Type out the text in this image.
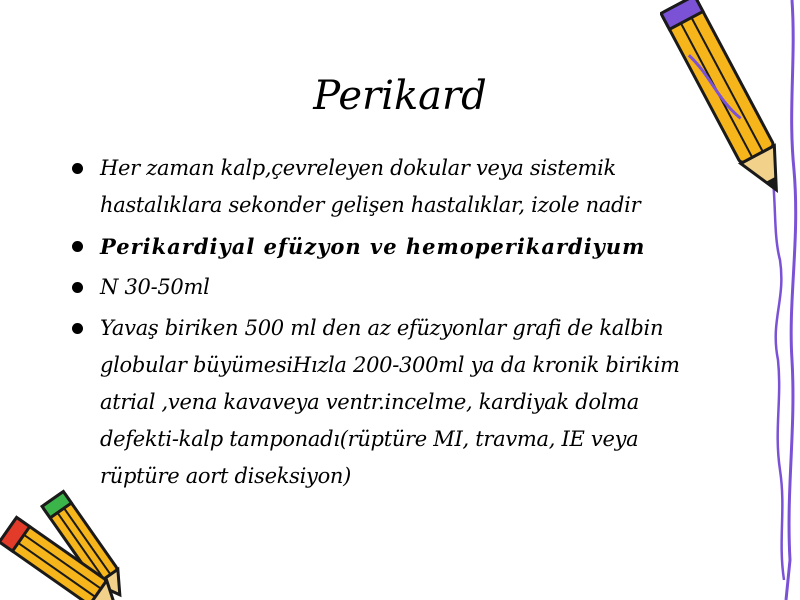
Perikard
Her zaman kalp,çevreleyen dokular veya sistemik
hastalıklara sekonder gelişen hastalıklar, izole nadir
Perikardiyal efüzyon ve hemoperikardiyum
N 30-50ml
Yavaş biriken 500 ml den az efüzyonlar grafi de kalbin
globular büyümesiHızla 200-300ml ya da kronik birikim
atrial ,vena kavaveya ventr.incelme, kardiyak dolma
defekti-kalp tamponadı(rüptüre MI, travma, IE veya
rüptüre aort diseksiyon)
